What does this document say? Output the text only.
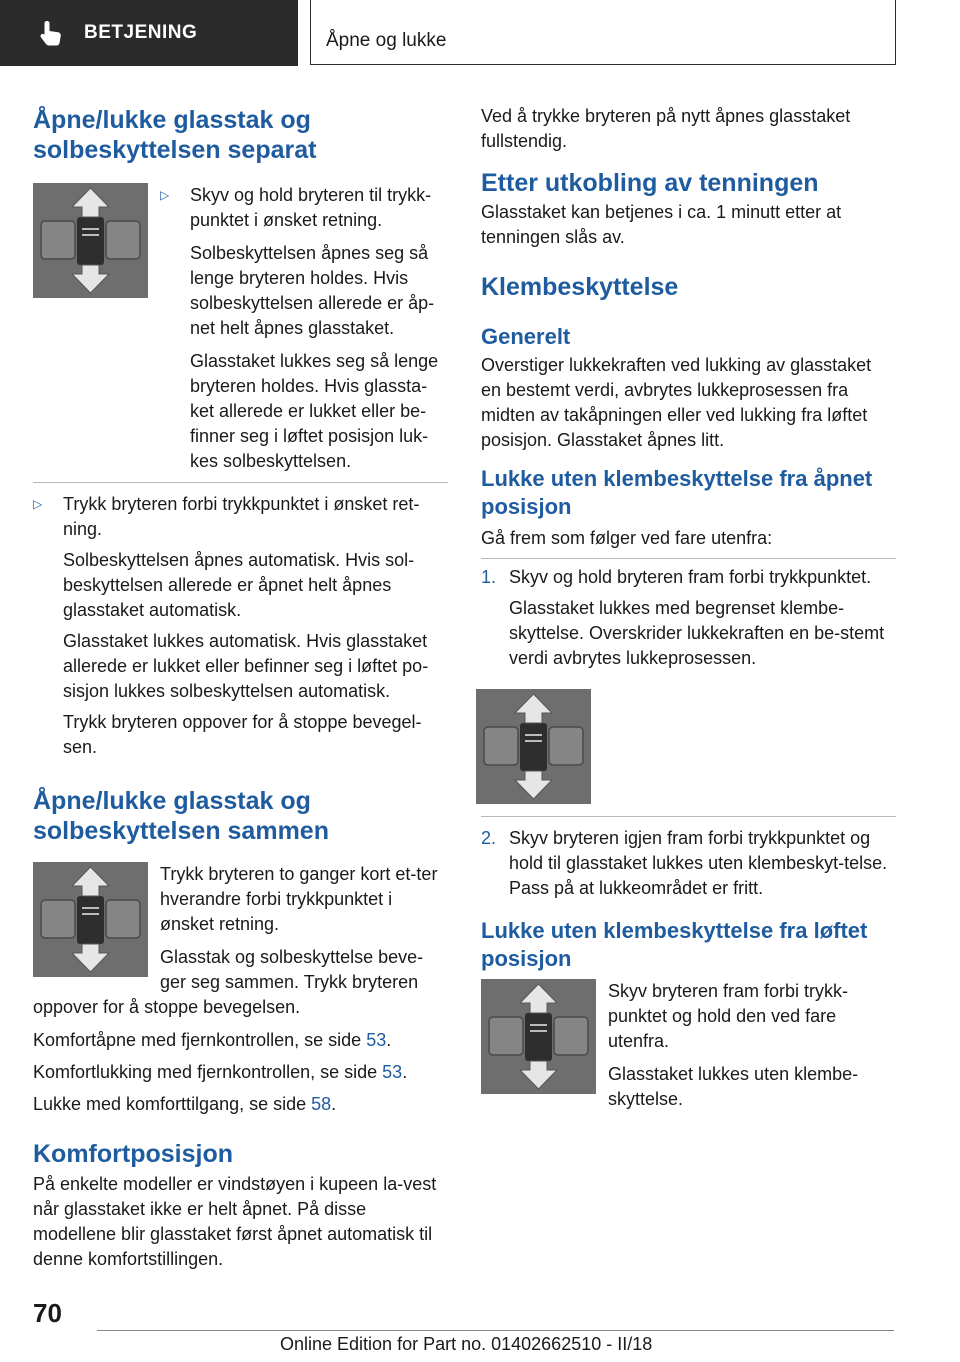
BETJENING	Åpne og lukke
Åpne/lukke glasstak og solbeskyttelsen separat
▷	Skyv og hold bryteren til trykk-punktet i ønsket retning.

Solbeskyttelsen åpnes seg så lenge bryteren holdes. Hvis solbeskyttelsen allerede er åp-net helt åpnes glasstaket.

Glasstaket lukkes seg så lenge bryteren holdes. Hvis glassta-ket allerede er lukket eller be-finner seg i løftet posisjon luk-kes solbeskyttelsen.

▷	Trykk bryteren forbi trykkpunktet i ønsket ret-ning.

Solbeskyttelsen åpnes automatisk. Hvis sol-beskyttelsen allerede er åpnet helt åpnes glasstaket automatisk.

Glasstaket lukkes automatisk. Hvis glasstaket allerede er lukket eller befinner seg i løftet po-sisjon lukkes solbeskyttelsen automatisk.

Trykk bryteren oppover for å stoppe bevegel-sen.

Åpne/lukke glasstak og solbeskyttelsen sammen

Trykk bryteren to ganger kort et-ter hverandre forbi trykkpunktet i ønsket retning.

Glasstak og solbeskyttelse beve-ger seg sammen. Trykk bryteren oppover for å stoppe bevegelsen.

Komfortåpne med fjernkontrollen, se side 53.

Komfortlukking med fjernkontrollen, se side 53.

Lukke med komforttilgang, se side 58.

Komfortposisjon

På enkelte modeller er vindstøyen i kupeen la-vest når glasstaket ikke er helt åpnet. På disse modellene blir glasstaket først åpnet automatisk til denne komfortstillingen.

Ved å trykke bryteren på nytt åpnes glasstaket fullstendig.

Etter utkobling av tenningen

Glasstaket kan betjenes i ca. 1 minutt etter at tenningen slås av.

Klembeskyttelse
Generelt

Overstiger lukkekraften ved lukking av glasstaket en bestemt verdi, avbrytes lukkeprosessen fra midten av takåpningen eller ved lukking fra løftet posisjon. Glasstaket åpnes litt.

Lukke uten klembeskyttelse fra åpnet posisjon

Gå frem som følger ved fare utenfra:

1. Skyv og hold bryteren fram forbi trykkpunktet.

Glasstaket lukkes med begrenset klembe-skyttelse. Overskrider lukkekraften en be-stemt verdi avbrytes lukkeprosessen.

2. Skyv bryteren igjen fram forbi trykkpunktet og hold til glasstaket lukkes uten klembeskyt-telse. Pass på at lukkeområdet er fritt.

Lukke uten klembeskyttelse fra løftet posisjon

Skyv bryteren fram forbi trykk-punktet og hold den ved fare utenfra.

Glasstaket lukkes uten klembe-skyttelse.

70
Online Edition for Part no. 01402662510 - II/18
